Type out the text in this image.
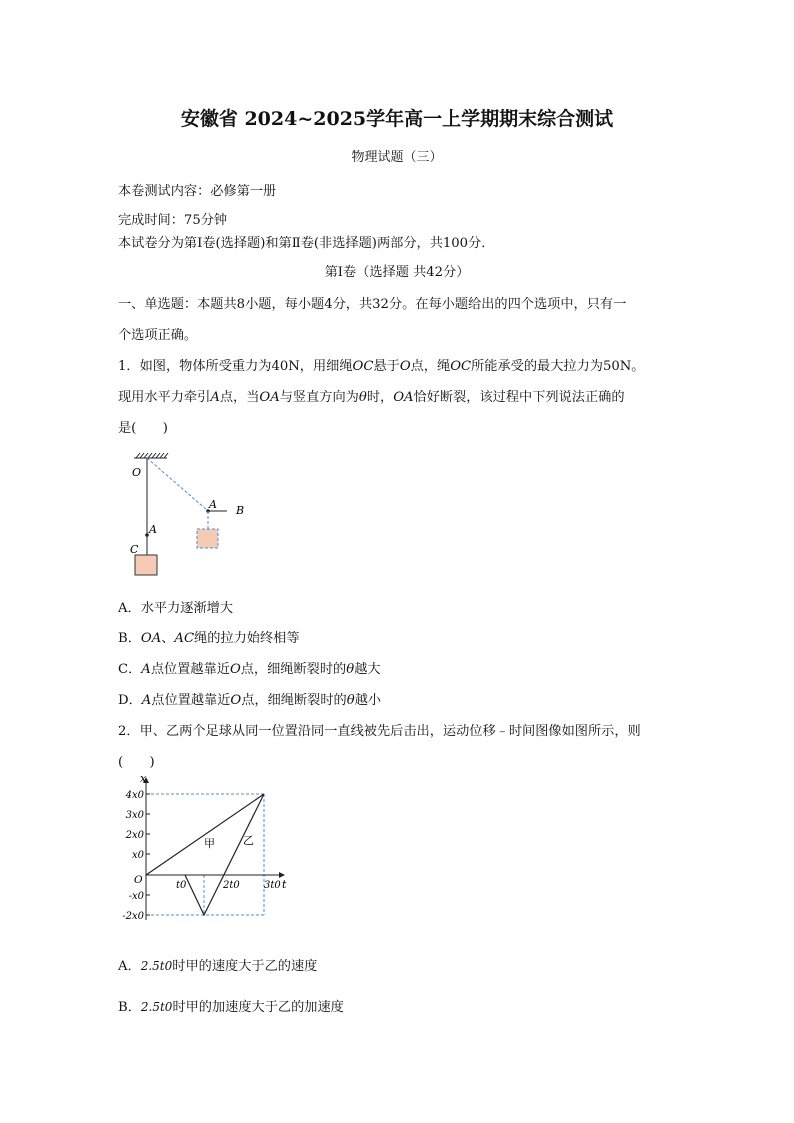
安徽省 2024~2025学年高一上学期期末综合测试
物理试题（三）
本卷测试内容：必修第一册
完成时间：75分钟
本试卷分为第Ⅰ卷(选择题)和第Ⅱ卷(非选择题)两部分，共100分．
第Ⅰ卷（选择题 共42分）
一、单选题：本题共8小题，每小题4分，共32分。在每小题给出的四个选项中，只有一
个选项正确。
1．如图，物体所受重力为40N，用细绳OC悬于O点，绳OC所能承受的最大拉力为50N。
现用水平力牵引A点，当OA与竖直方向为θ时，OA恰好断裂，该过程中下列说法正确的
是(　　)
O
A
C
A B
A．水平力逐渐增大
B．OA、AC绳的拉力始终相等
C．A点位置越靠近O点，细绳断裂时的θ越大
D．A点位置越靠近O点，细绳断裂时的θ越小
2．甲、乙两个足球从同一位置沿同一直线被先后击出，运动位移﹣时间图像如图所示，则
(　　)
x
t
O
4x0
3x0
2x0
x0
-x0
-2x0
t0	2t0 3t0
甲	乙
A．2.5t0时甲的速度大于乙的速度
B．2.5t0时甲的加速度大于乙的加速度
